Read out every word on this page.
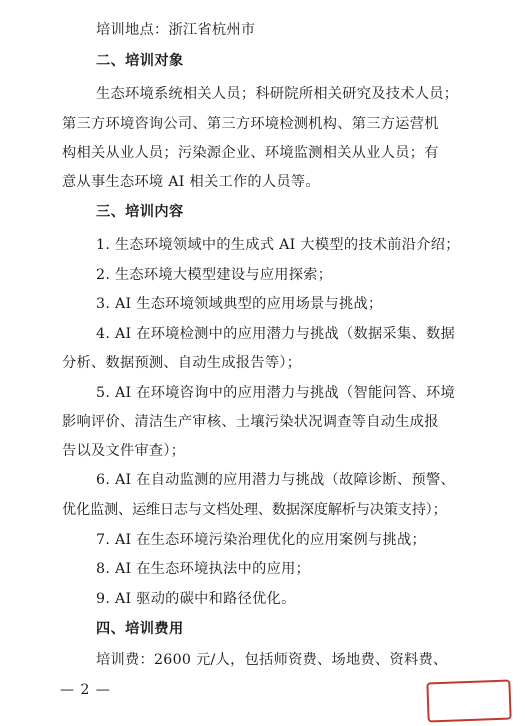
培训地点：浙江省杭州市
二、培训对象
生态环境系统相关人员；科研院所相关研究及技术人员；
第三方环境咨询公司、第三方环境检测机构、第三方运营机
构相关从业人员；污染源企业、环境监测相关从业人员；有
意从事生态环境 AI 相关工作的人员等。
三、培训内容
1. 生态环境领域中的生成式 AI 大模型的技术前沿介绍；
2. 生态环境大模型建设与应用探索；
3. AI 生态环境领域典型的应用场景与挑战；
4. AI 在环境检测中的应用潜力与挑战（数据采集、数据
分析、数据预测、自动生成报告等）；
5. AI 在环境咨询中的应用潜力与挑战（智能问答、环境
影响评价、清洁生产审核、土壤污染状况调查等自动生成报
告以及文件审查）；
6. AI 在自动监测的应用潜力与挑战（故障诊断、预警、
优化监测、运维日志与文档处理、数据深度解析与决策支持）；
7. AI 在生态环境污染治理优化的应用案例与挑战；
8. AI 在生态环境执法中的应用；
9. AI 驱动的碳中和路径优化。
四、培训费用
培训费：2600 元/人，包括师资费、场地费、资料费、
— 2 —
